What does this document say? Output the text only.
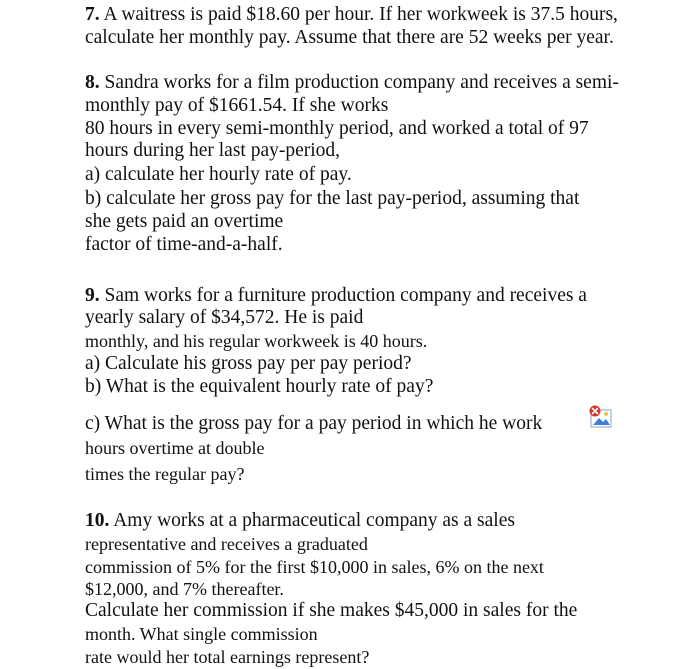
7. A waitress is paid $18.60 per hour. If her workweek is 37.5 hours,
calculate her monthly pay. Assume that there are 52 weeks per year.
8. Sandra works for a film production company and receives a semi-
monthly pay of $1661.54. If she works
80 hours in every semi-monthly period, and worked a total of 97
hours during her last pay-period,
a) calculate her hourly rate of pay.
b) calculate her gross pay for the last pay-period, assuming that
she gets paid an overtime
factor of time-and-a-half.
9. Sam works for a furniture production company and receives a
yearly salary of $34,572. He is paid
monthly, and his regular workweek is 40 hours.
a) Calculate his gross pay per pay period?
b) What is the equivalent hourly rate of pay?
c) What is the gross pay for a pay period in which he work
hours overtime at double
times the regular pay?
10. Amy works at a pharmaceutical company as a sales
representative and receives a graduated
commission of 5% for the first $10,000 in sales, 6% on the next
$12,000, and 7% thereafter.
Calculate her commission if she makes $45,000 in sales for the
month. What single commission
rate would her total earnings represent?
